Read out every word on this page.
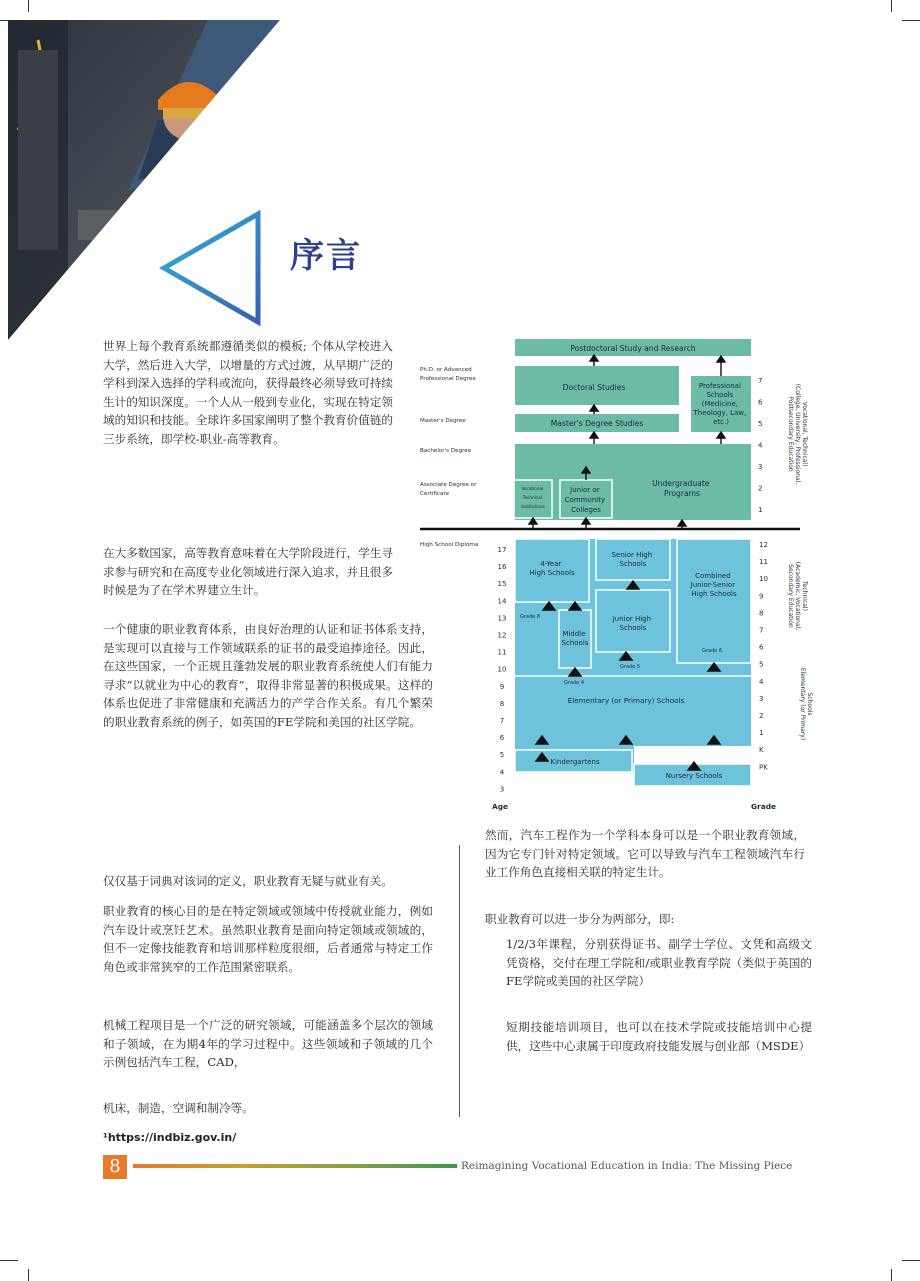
序言

世界上每个教育系统都遵循类似的模板; 个体从学校进入大学，然后进入大学，以增量的方式过渡，从早期广泛的学科到深入选择的学科或流向，获得最终必须导致可持续生计的知识深度。一个人从一般到专业化，实现在特定领域的知识和技能。全球许多国家阐明了整个教育价值链的三步系统，即学校-职业-高等教育。

在大多数国家，高等教育意味着在大学阶段进行，学生寻求参与研究和在高度专业化领域进行深入追求，并且很多时候是为了在学术界建立生计。

一个健康的职业教育体系，由良好治理的认证和证书体系支持，是实现可以直接与工作领域联系的证书的最受追捧途径。因此，在这些国家，一个正规且蓬勃发展的职业教育系统使人们有能力寻求“以就业为中心的教育”，取得非常显著的积极成果。这样的体系也促进了非常健康和充满活力的产学合作关系。有几个繁荣的职业教育系统的例子，如英国的FE学院和美国的社区学院。

仅仅基于词典对该词的定义，职业教育无疑与就业有关。

职业教育的核心目的是在特定领域或领域中传授就业能力，例如汽车设计或烹饪艺术。虽然职业教育是面向特定领域或领域的，但不一定像技能教育和培训那样粒度很细，后者通常与特定工作角色或非常狭窄的工作范围紧密联系。

机械工程项目是一个广泛的研究领域，可能涵盖多个层次的领域和子领域，在为期4年的学习过程中。这些领域和子领域的几个示例包括汽车工程，CAD，

机床，制造，空调和制冷等。

然而，汽车工程作为一个学科本身可以是一个职业教育领域，因为它专门针对特定领域。它可以导致与汽车工程领域汽车行业工作角色直接相关联的特定生计。

职业教育可以进一步分为两部分，即:

1/2/3年课程，分别获得证书、副学士学位、文凭和高级文凭资格，交付在理工学院和/或职业教育学院（类似于英国的FE学院或美国的社区学院）

短期技能培训项目，也可以在技术学院或技能培训中心提供，这些中心隶属于印度政府技能发展与创业部（MSDE）

Postdoctoral Study and Research
Doctoral Studies	Professional Schools (Medicine, Theology, Law, etc.)
Master's Degree Studies
Undergraduate Programs
Vocational Technical Institutions
Junior or Community Colleges
4-Year High Schools
Senior High Schools
Combined Junior-Senior High Schools
Junior High Schools
Middle Schools
Elementary (or Primary) Schools
Kindergartens
Nursery Schools
Grade 8
Grade 4
Grade 5
Grade 6
Ph.D. or Advanced Professional Degree
Master's Degree
Bachelor's Degree
Associate Degree or Certificate
High School Diploma
17
16
15
14
13
12
11
10
9
8
7
6
5
4
3
12
11
10
9
8
7
6
5
4
3
2
1
K
PK
7
6
5
4
3
2
1
Age	Grade
Postsecondary Education (College, University, Professional, Vocational, Technical)
Secondary Education (Academic, Vocational, Technical)
Elementary (or Primary) Schools
¹https://indbiz.gov.in/
8	Reimagining Vocational Education in India: The Missing Piece
